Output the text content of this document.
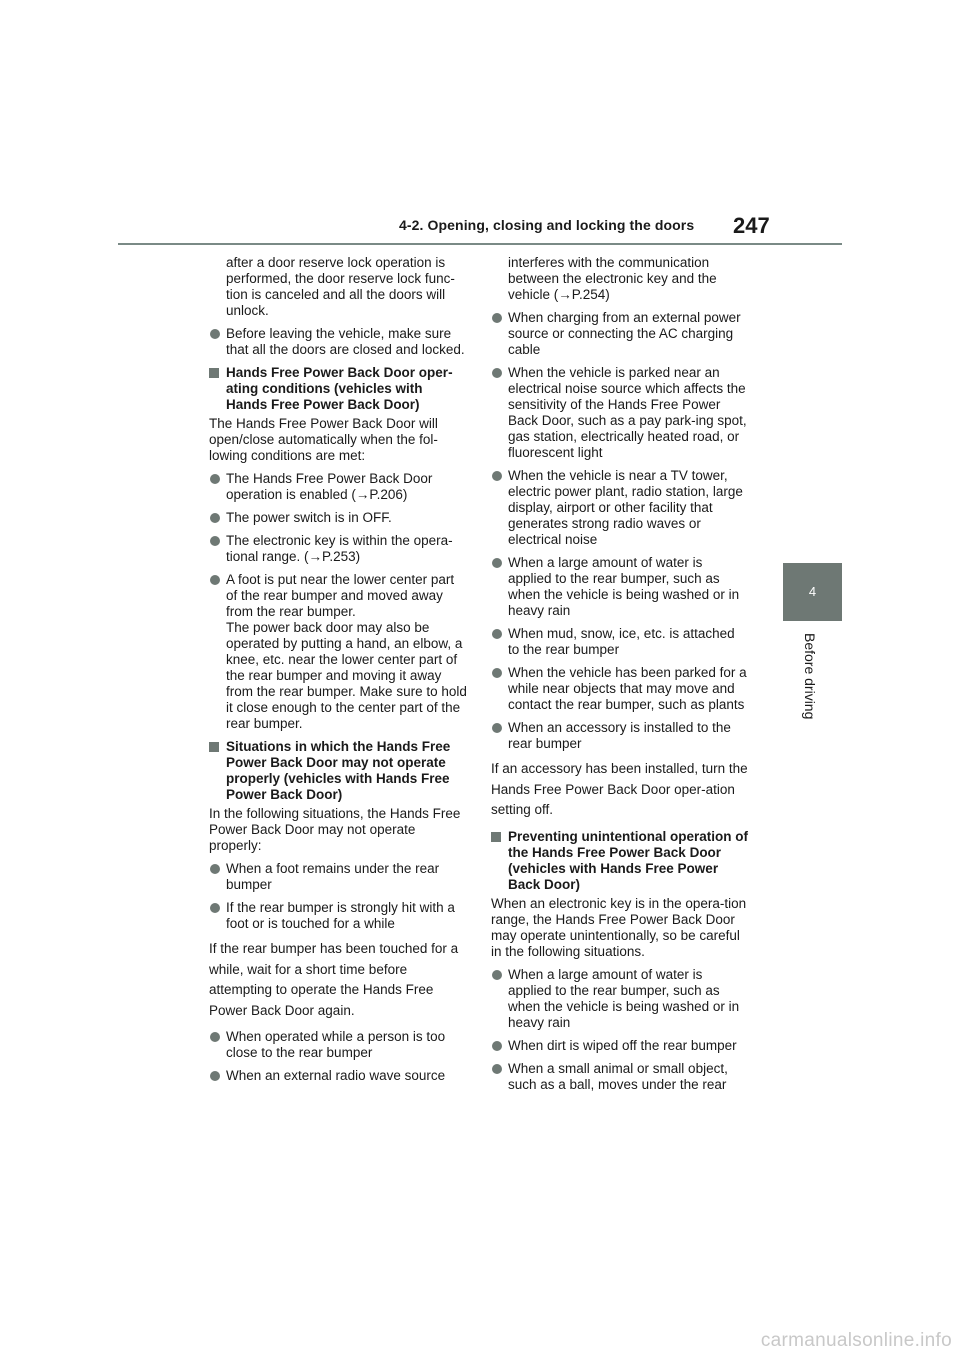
4-2. Opening, closing and locking the doors 247
4
Before driving

after a door reserve lock operation is performed, the door reserve lock func-tion is canceled and all the doors will unlock.

Before leaving the vehicle, make sure that all the doors are closed and locked.
Hands Free Power Back Door oper-ating conditions (vehicles with Hands Free Power Back Door)

The Hands Free Power Back Door will open/close automatically when the fol-lowing conditions are met:

The Hands Free Power Back Door operation is enabled (→P.206)
The power switch is in OFF.
The electronic key is within the opera-tional range. (→P.253)
A foot is put near the lower center part of the rear bumper and moved away from the rear bumper.
The power back door may also be operated by putting a hand, an elbow, a knee, etc. near the lower center part of the rear bumper and moving it away from the rear bumper. Make sure to hold it close enough to the center part of the rear bumper.
Situations in which the Hands Free Power Back Door may not operate properly (vehicles with Hands Free Power Back Door)

In the following situations, the Hands Free Power Back Door may not operate properly:

When a foot remains under the rear bumper
If the rear bumper is strongly hit with a foot or is touched for a while

If the rear bumper has been touched for a while, wait for a short time before attempting to operate the Hands Free Power Back Door again.

When operated while a person is too close to the rear bumper
When an external radio wave source

interferes with the communication between the electronic key and the vehicle (→P.254)

When charging from an external power source or connecting the AC charging cable
When the vehicle is parked near an electrical noise source which affects the sensitivity of the Hands Free Power Back Door, such as a pay park-ing spot, gas station, electrically heated road, or fluorescent light
When the vehicle is near a TV tower, electric power plant, radio station, large display, airport or other facility that generates strong radio waves or electrical noise
When a large amount of water is applied to the rear bumper, such as when the vehicle is being washed or in heavy rain
When mud, snow, ice, etc. is attached to the rear bumper
When the vehicle has been parked for a while near objects that may move and contact the rear bumper, such as plants
When an accessory is installed to the rear bumper

If an accessory has been installed, turn the Hands Free Power Back Door oper-ation setting off.

Preventing unintentional operation of the Hands Free Power Back Door (vehicles with Hands Free Power Back Door)

When an electronic key is in the opera-tion range, the Hands Free Power Back Door may operate unintentionally, so be careful in the following situations.

When a large amount of water is applied to the rear bumper, such as when the vehicle is being washed or in heavy rain
When dirt is wiped off the rear bumper
When a small animal or small object, such as a ball, moves under the rear
carmanualsonline.info
